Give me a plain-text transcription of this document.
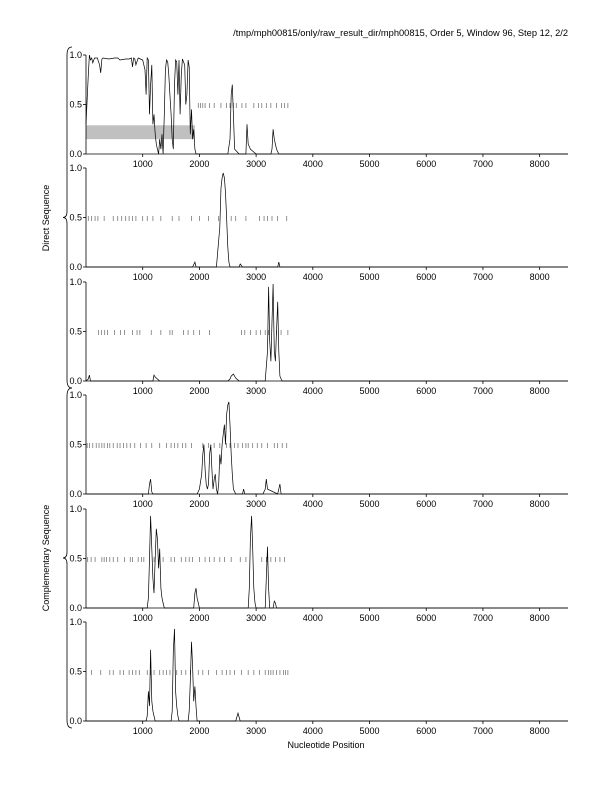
/tmp/mph00815/only/raw_result_dir/mph00815, Order 5, Window 96, Step 12, 2/2
Direct Sequence
Complementary Sequence
Nucleotide Position
0.0
0.5
1.0
1000	2000	3000	4000	5000	6000	7000	8000
0.0
0.5
1.0
1000	2000	3000	4000	5000	6000	7000	8000
0.0
0.5
1.0
1000	2000	3000	4000	5000	6000	7000	8000
0.0
0.5
1.0
1000	2000	3000	4000	5000	6000	7000	8000
0.0
0.5
1.0
1000	2000	3000	4000	5000	6000	7000	8000
0.0
0.5
1.0
1000	2000	3000	4000	5000	6000	7000	8000
